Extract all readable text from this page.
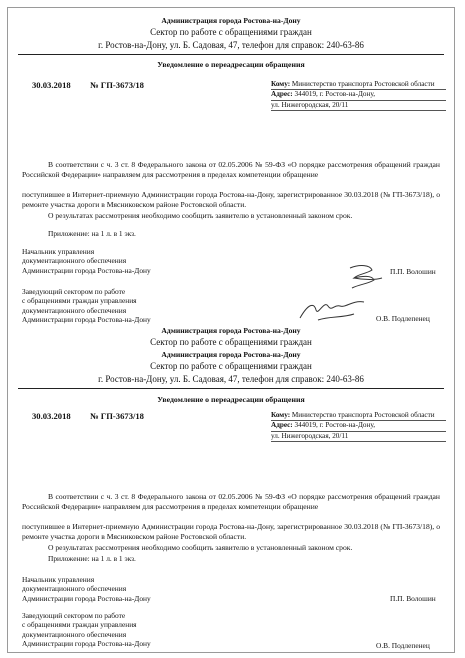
Администрация города Ростова-на-Дону
Сектор по работе с обращениями граждан
г. Ростов-на-Дону, ул. Б. Садовая, 47, телефон для справок: 240-63-86
Уведомление о переадресации обращения
30.03.2018 № ГП-3673/18	Кому: Министерство транспорта Ростовской области
Адрес: 344019, г. Ростов-на-Дону,
ул. Нижегородская, 20/11
В соответствии с ч. 3 ст. 8 Федерального закона от 02.05.2006 № 59-ФЗ «О порядке рассмотрения обращений граждан Российской Федерации» направляем для рассмотрения в пределах компетенции обращение
поступившее в Интернет-приемную Администрации города Ростова-на-Дону, зарегистрированное 30.03.2018 (№ ГП-3673/18), о ремонте участка дороги в Мясниковском районе Ростовской области.
О результатах рассмотрения необходимо сообщить заявителю в установленный законом срок.
Приложение: на 1 л. в 1 экз.
Начальник управления
документационного обеспечения
Администрации города Ростова-на-Дону	П.П. Волошин
Заведующий сектором по работе
с обращениями граждан управления
документационного обеспечения
Администрации города Ростова-на-Дону	О.В. Подлепенец
Администрация города Ростова-на-Дону
Сектор по работе с обращениями граждан
Администрация города Ростова-на-Дону
Сектор по работе с обращениями граждан
г. Ростов-на-Дону, ул. Б. Садовая, 47, телефон для справок: 240-63-86
Уведомление о переадресации обращения
30.03.2018 № ГП-3673/18	Кому: Министерство транспорта Ростовской области
Адрес: 344019, г. Ростов-на-Дону,
ул. Нижегородская, 20/11
В соответствии с ч. 3 ст. 8 Федерального закона от 02.05.2006 № 59-ФЗ «О порядке рассмотрения обращений граждан Российской Федерации» направляем для рассмотрения в пределах компетенции обращение
поступившее в Интернет-приемную Администрации города Ростова-на-Дону, зарегистрированное 30.03.2018 (№ ГП-3673/18), о ремонте участка дороги в Мясниковском районе Ростовской области.
О результатах рассмотрения необходимо сообщить заявителю в установленный законом срок.
Приложение: на 1 л. в 1 экз.
Начальник управления
документационного обеспечения
Администрации города Ростова-на-Дону	П.П. Волошин
Заведующий сектором по работе
с обращениями граждан управления
документационного обеспечения
Администрации города Ростова-на-Дону	О.В. Подлепенец
